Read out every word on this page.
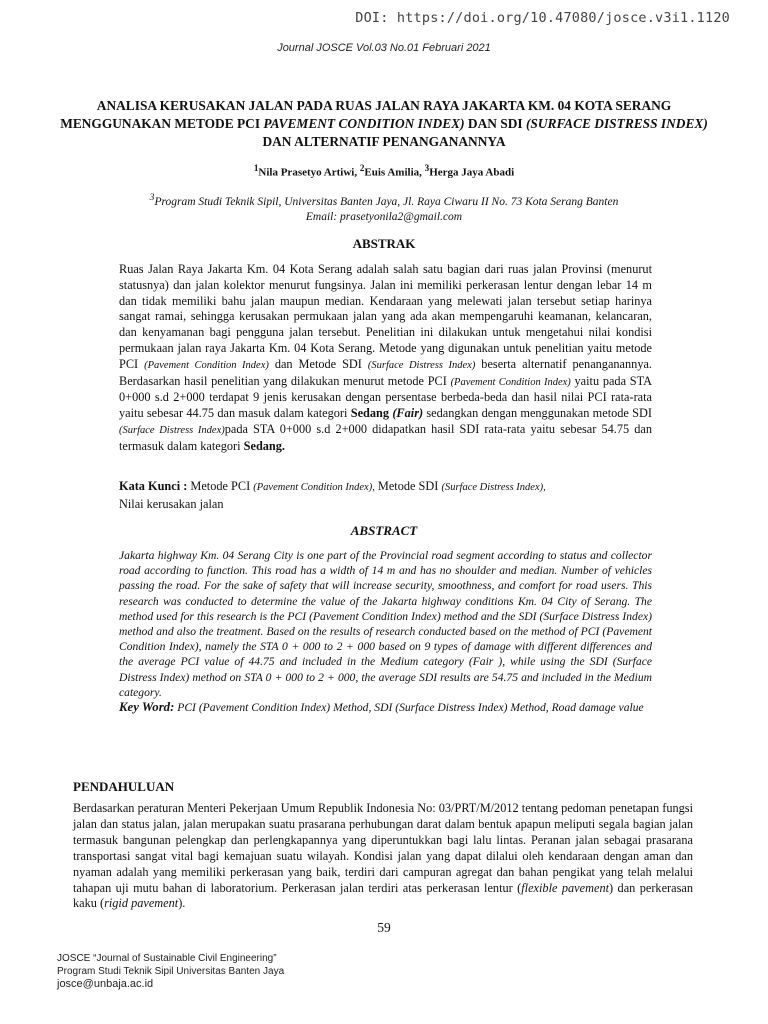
DOI: https://doi.org/10.47080/josce.v3i1.1120
Journal JOSCE Vol.03 No.01 Februari 2021
ANALISA KERUSAKAN JALAN PADA RUAS JALAN RAYA JAKARTA KM. 04 KOTA SERANG MENGGUNAKAN METODE PCI PAVEMENT CONDITION INDEX) DAN SDI (SURFACE DISTRESS INDEX) DAN ALTERNATIF PENANGANANNYA
$^1$Nila Prasetyo Artiwi, $^2$Euis Amilia, $^3$Herga Jaya Abadi
$^3$Program Studi Teknik Sipil, Universitas Banten Jaya, Jl. Raya Ciwaru II No. 73 Kota Serang Banten
Email: prasetyonila2@gmail.com
ABSTRAK
Ruas Jalan Raya Jakarta Km. 04 Kota Serang adalah salah satu bagian dari ruas jalan Provinsi (menurut statusnya) dan jalan kolektor menurut fungsinya. Jalan ini memiliki perkerasan lentur dengan lebar 14 m dan tidak memiliki bahu jalan maupun median. Kendaraan yang melewati jalan tersebut setiap harinya sangat ramai, sehingga kerusakan permukaan jalan yang ada akan mempengaruhi keamanan, kelancaran, dan kenyamanan bagi pengguna jalan tersebut. Penelitian ini dilakukan untuk mengetahui nilai kondisi permukaan jalan raya Jakarta Km. 04 Kota Serang. Metode yang digunakan untuk penelitian yaitu metode PCI (Pavement Condition Index) dan Metode SDI (Surface Distress Index) beserta alternatif penanganannya. Berdasarkan hasil penelitian yang dilakukan menurut metode PCI (Pavement Condition Index) yaitu pada STA 0+000 s.d 2+000 terdapat 9 jenis kerusakan dengan persentase berbeda-beda dan hasil nilai PCI rata-rata yaitu sebesar 44.75 dan masuk dalam kategori Sedang (Fair) sedangkan dengan menggunakan metode SDI (Surface Distress Index)pada STA 0+000 s.d 2+000 didapatkan hasil SDI rata-rata yaitu sebesar 54.75 dan termasuk dalam kategori Sedang.
Kata Kunci : Metode PCI (Pavement Condition Index), Metode SDI (Surface Distress Index),
Nilai kerusakan jalan
ABSTRACT
Jakarta highway Km. 04 Serang City is one part of the Provincial road segment according to status and collector road according to function. This road has a width of 14 m and has no shoulder and median. Number of vehicles passing the road. For the sake of safety that will increase security, smoothness, and comfort for road users. This research was conducted to determine the value of the Jakarta highway conditions Km. 04 City of Serang. The method used for this research is the PCI (Pavement Condition Index) method and the SDI (Surface Distress Index) method and also the treatment. Based on the results of research conducted based on the method of PCI (Pavement Condition Index), namely the STA 0 + 000 to 2 + 000 based on 9 types of damage with different differences and the average PCI value of 44.75 and included in the Medium category (Fair ), while using the SDI (Surface Distress Index) method on STA 0 + 000 to 2 + 000, the average SDI results are 54.75 and included in the Medium category.
Key Word: PCI (Pavement Condition Index) Method, SDI (Surface Distress Index) Method, Road damage value
PENDAHULUAN
Berdasarkan peraturan Menteri Pekerjaan Umum Republik Indonesia No: 03/PRT/M/2012 tentang pedoman penetapan fungsi jalan dan status jalan, jalan merupakan suatu prasarana perhubungan darat dalam bentuk apapun meliputi segala bagian jalan termasuk bangunan pelengkap dan perlengkapannya yang diperuntukkan bagi lalu lintas. Peranan jalan sebagai prasarana transportasi sangat vital bagi kemajuan suatu wilayah. Kondisi jalan yang dapat dilalui oleh kendaraan dengan aman dan nyaman adalah yang memiliki perkerasan yang baik, terdiri dari campuran agregat dan bahan pengikat yang telah melalui tahapan uji mutu bahan di laboratorium. Perkerasan jalan terdiri atas perkerasan lentur (flexible pavement) dan perkerasan kaku (rigid pavement).
59
JOSCE “Journal of Sustainable Civil Engineering”
Program Studi Teknik Sipil Universitas Banten Jaya
josce@unbaja.ac.id
